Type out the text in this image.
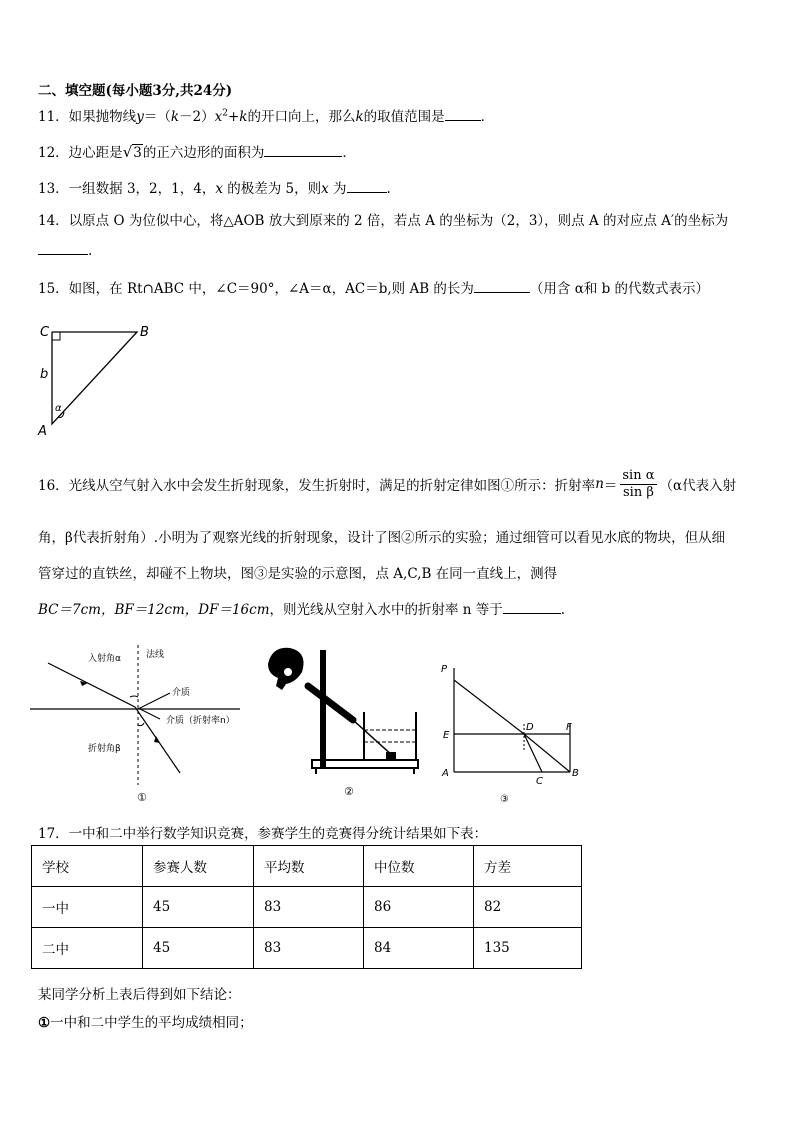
二、填空题(每小题3分,共24分)
11．如果抛物线$y=(k-2)x^2+k$的开口向上，那么k的取值范围是	．
12．边心距是√3的正六边形的面积为	．
13．一组数据 3，2，1，4，x 的极差为 5，则x 为	.
14．以原点 O 为位似中心，将△AOB 放大到原来的 2 倍，若点 A 的坐标为（2，3），则点 A 的对应点 A′的坐标为
.
15．如图，在 Rt∩ABC 中，∠C＝90°，∠A＝α，AC＝b,则 AB 的长为	（用含 α和 b 的代数式表示）
C	B
A
b
α
16．光线从空气射入水中会发生折射现象，发生折射时，满足的折射定律如图①所示：折射率 $n = \frac{\text{sin α}}{\text{sin β}} (\alpha$代表入射
角，β代表折射角）.小明为了观察光线的折射现象，设计了图②所示的实验；通过细管可以看见水底的物块，但从细
管穿过的直铁丝，却碰不上物块，图③是实验的示意图，点 A,C,B 在同一直线上，测得
BC＝7cm，BF＝12cm，DF＝16cm，则光线从空射入水中的折射率 n 等于	.
入射角α	法线
介质
介质（折射率n）
折射角β
①	②
P
E
D	F
A
C
B
③
17．一中和二中举行数学知识竞赛，参赛学生的竞赛得分统计结果如下表：
学校	参赛人数	平均数	中位数	方差
一中	45	83	86	82
二中	45	83	84	135
某同学分析上表后得到如下结论：
①一中和二中学生的平均成绩相同；
